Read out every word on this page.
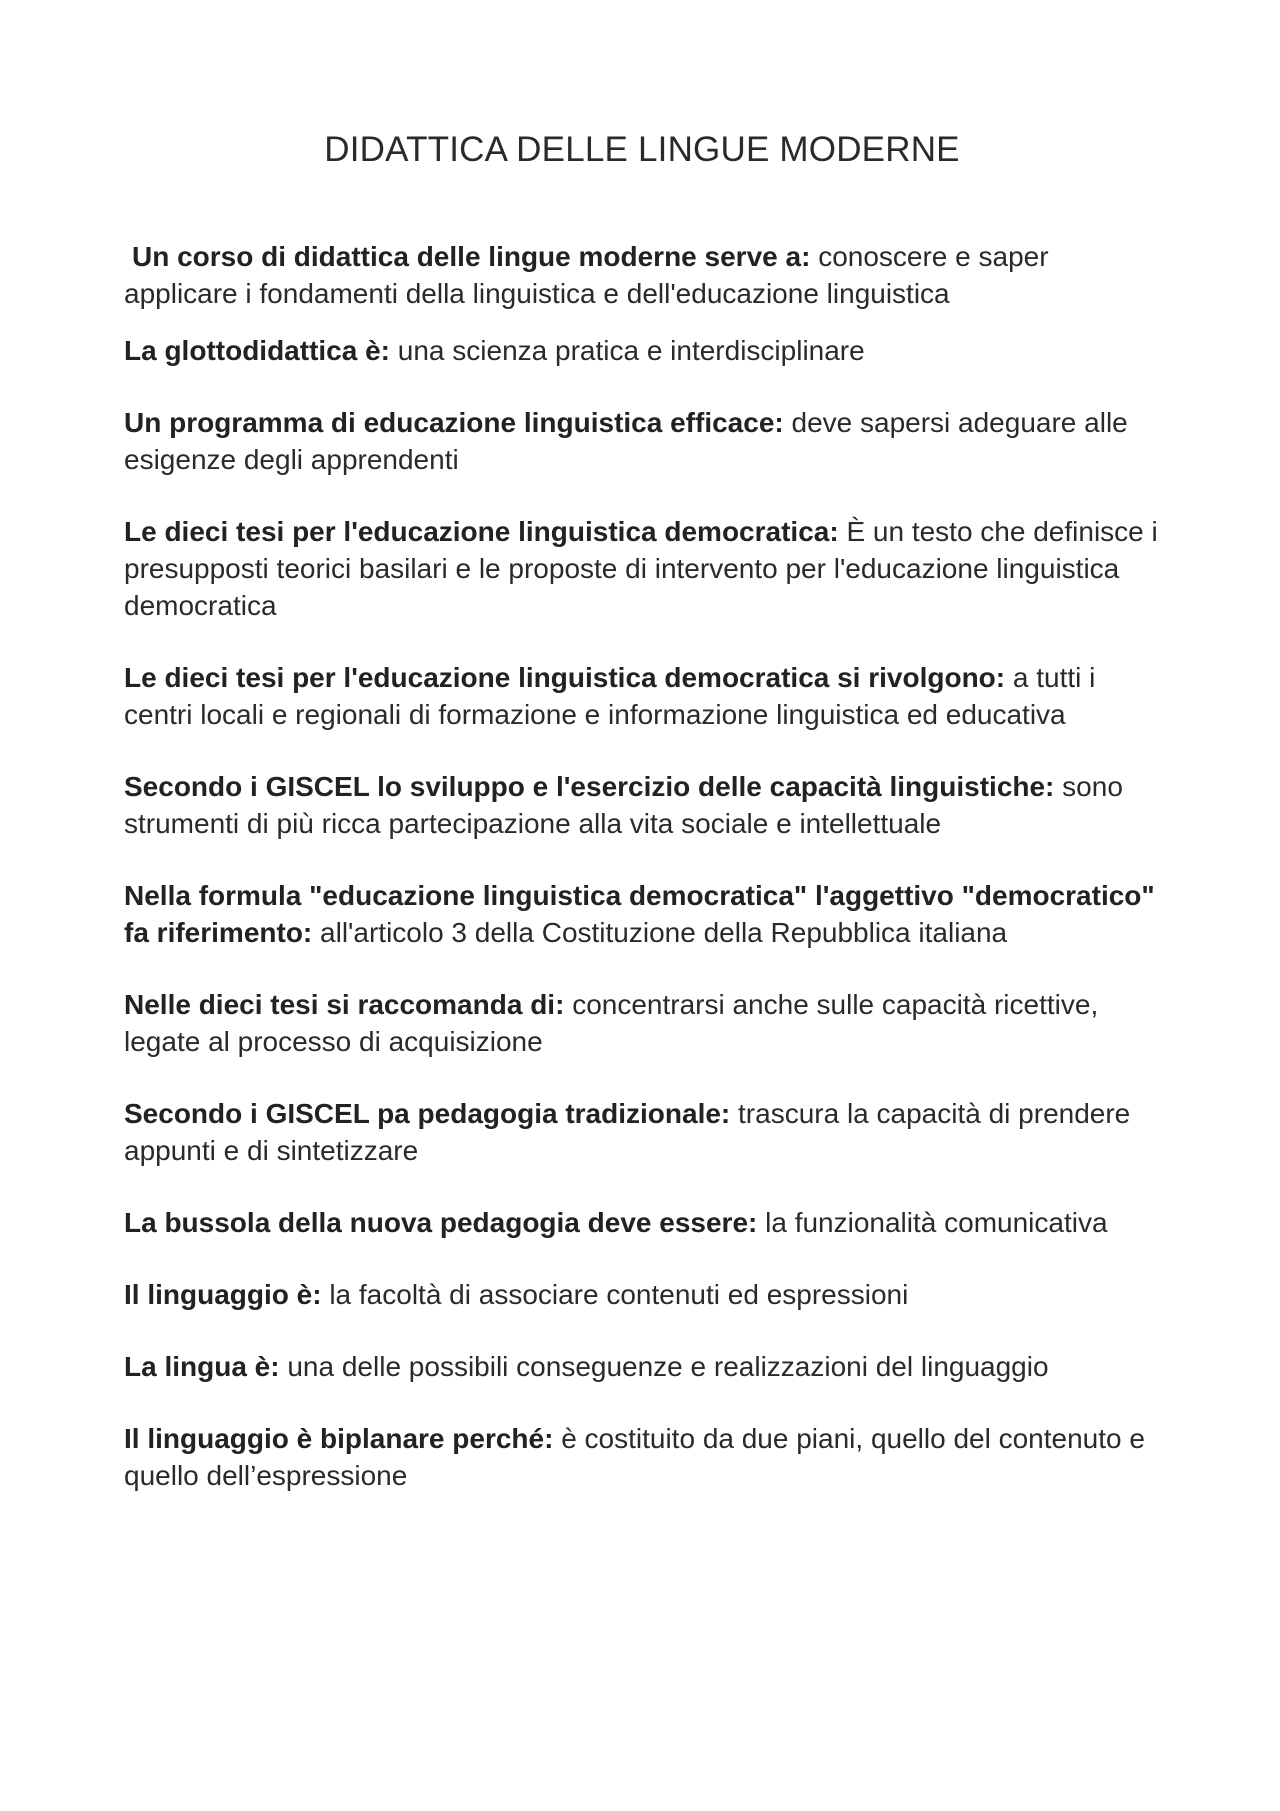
DIDATTICA DELLE LINGUE MODERNE

Un corso di didattica delle lingue moderne serve a: conoscere e saper applicare i fondamenti della linguistica e dell'educazione linguistica

La glottodidattica è: una scienza pratica e interdisciplinare

Un programma di educazione linguistica efficace: deve sapersi adeguare alle esigenze degli apprendenti

Le dieci tesi per l'educazione linguistica democratica: È un testo che definisce i presupposti teorici basilari e le proposte di intervento per l'educazione linguistica democratica

Le dieci tesi per l'educazione linguistica democratica si rivolgono: a tutti i centri locali e regionali di formazione e informazione linguistica ed educativa

Secondo i GISCEL lo sviluppo e l'esercizio delle capacità linguistiche: sono strumenti di più ricca partecipazione alla vita sociale e intellettuale

Nella formula "educazione linguistica democratica" l'aggettivo "democratico" fa riferimento: all'articolo 3 della Costituzione della Repubblica italiana

Nelle dieci tesi si raccomanda di: concentrarsi anche sulle capacità ricettive, legate al processo di acquisizione

Secondo i GISCEL pa pedagogia tradizionale: trascura la capacità di prendere appunti e di sintetizzare

La bussola della nuova pedagogia deve essere: la funzionalità comunicativa

Il linguaggio è: la facoltà di associare contenuti ed espressioni

La lingua è: una delle possibili conseguenze e realizzazioni del linguaggio

Il linguaggio è biplanare perché: è costituito da due piani, quello del contenuto e quello dell’espressione
